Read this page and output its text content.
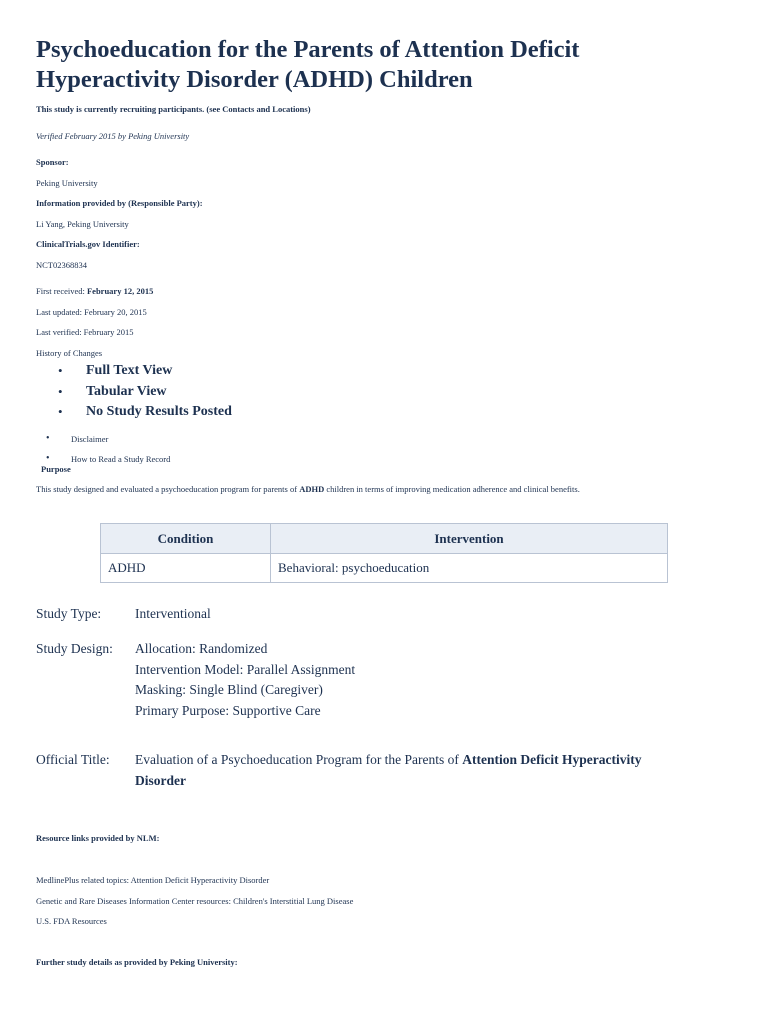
Psychoeducation for the Parents of Attention Deficit Hyperactivity Disorder (ADHD) Children
This study is currently recruiting participants. (see Contacts and Locations)
Verified February 2015 by Peking University
Sponsor:
Peking University
Information provided by (Responsible Party):
Li Yang, Peking University
ClinicalTrials.gov Identifier:
NCT02368834
First received: February 12, 2015
Last updated: February 20, 2015
Last verified: February 2015
History of Changes
• Full Text View
• Tabular View
• No Study Results Posted
• Disclaimer
• How to Read a Study Record
Purpose
This study designed and evaluated a psychoeducation program for parents of ADHD children in terms of improving medication adherence and clinical benefits.
Condition	Intervention
ADHD	Behavioral: psychoeducation
Study Type:	Interventional
Study Design:	Allocation: Randomized
Intervention Model: Parallel Assignment
Masking: Single Blind (Caregiver)
Primary Purpose: Supportive Care
Official Title:	Evaluation of a Psychoeducation Program for the Parents of Attention Deficit Hyperactivity
Disorder
Resource links provided by NLM:
MedlinePlus related topics: Attention Deficit Hyperactivity Disorder
Genetic and Rare Diseases Information Center resources: Children's Interstitial Lung Disease
U.S. FDA Resources
Further study details as provided by Peking University:
